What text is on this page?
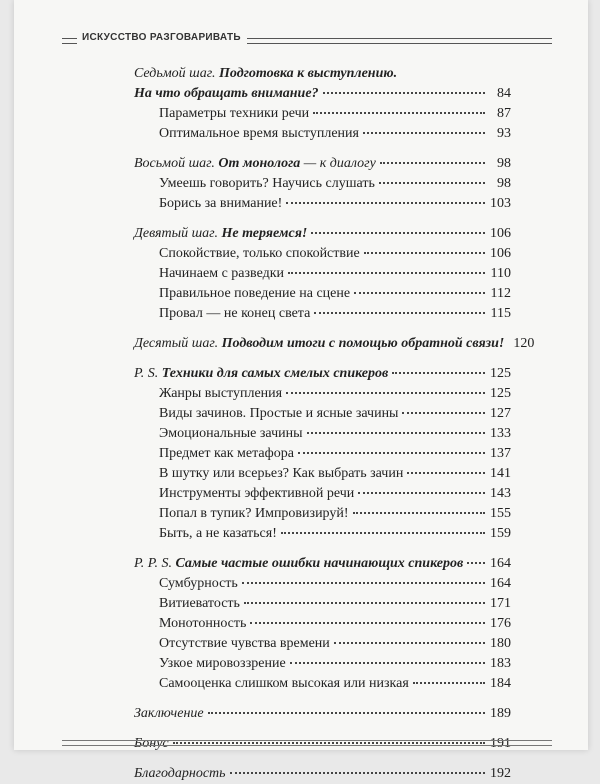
ИСКУССТВО РАЗГОВАРИВАТЬ
Седьмой шаг. Подготовка к выступлению.
На что обращать внимание?	84
Параметры техники речи	87
Оптимальное время выступления	93
Восьмой шаг. От монолога — к диалогу	98
Умеешь говорить? Научись слушать	98
Борись за внимание!	103
Девятый шаг. Не теряемся!	106
Спокойствие, только спокойствие	106
Начинаем с разведки	110
Правильное поведение на сцене	112
Провал — не конец света	115
Десятый шаг. Подводим итоги с помощью обратной связи! 120
P. S. Техники для самых смелых спикеров	125
Жанры выступления	125
Виды зачинов. Простые и ясные зачины	127
Эмоциональные зачины	133
Предмет как метафора	137
В шутку или всерьез? Как выбрать зачин	141
Инструменты эффективной речи	143
Попал в тупик? Импровизируй!	155
Быть, а не казаться!	159
P. P. S. Самые частые ошибки начинающих спикеров 164
Сумбурность	164
Витиеватость	171
Монотонность	176
Отсутствие чувства времени	180
Узкое мировоззрение	183
Самооценка слишком высокая или низкая	184
Заключение	189
Бонус	191
Благодарность	192
